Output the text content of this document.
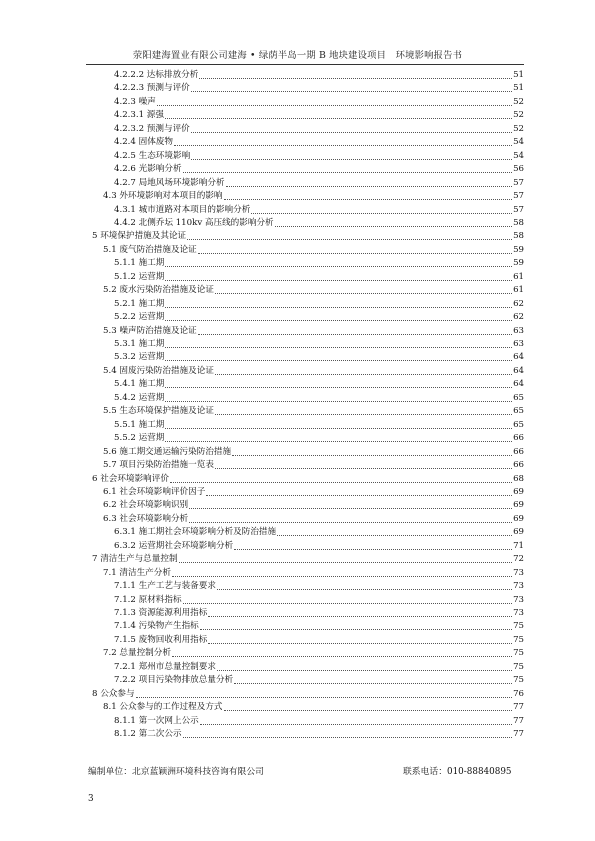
荥阳建海置业有限公司建海 • 绿荫半岛一期 B 地块建设项目　环境影响报告书
4.2.2.2 达标排放分析	51
4.2.2.3 预测与评价	51
4.2.3 噪声	52
4.2.3.1 源强	52
4.2.3.2 预测与评价	52
4.2.4 固体废物	54
4.2.5 生态环境影响	54
4.2.6 光影响分析	56
4.2.7 局地风场环境影响分析	57
4.3 外环境影响对本项目的影响	57
4.3.1 城市道路对本项目的影响分析	57
4.4.2 北侧乔坛 110kv 高压线的影响分析	58
5 环境保护措施及其论证	58
5.1 废气防治措施及论证	59
5.1.1 施工期	59
5.1.2 运营期	61
5.2 废水污染防治措施及论证	61
5.2.1 施工期	62
5.2.2 运营期	62
5.3 噪声防治措施及论证	63
5.3.1 施工期	63
5.3.2 运营期	64
5.4 固废污染防治措施及论证	64
5.4.1 施工期	64
5.4.2 运营期	65
5.5 生态环境保护措施及论证	65
5.5.1 施工期	65
5.5.2 运营期	66
5.6 施工期交通运输污染防治措施	66
5.7 项目污染防治措施一览表	66
6 社会环境影响评价	68
6.1 社会环境影响评价因子	69
6.2 社会环境影响识别	69
6.3 社会环境影响分析	69
6.3.1 施工期社会环境影响分析及防治措施	69
6.3.2 运营期社会环境影响分析	71
7 清洁生产与总量控制	72
7.1 清洁生产分析	73
7.1.1 生产工艺与装备要求	73
7.1.2 原材料指标	73
7.1.3 资源能源利用指标	73
7.1.4 污染物产生指标	75
7.1.5 废物回收利用指标	75
7.2 总量控制分析	75
7.2.1 郑州市总量控制要求	75
7.2.2 项目污染物排放总量分析	75
8 公众参与	76
8.1 公众参与的工作过程及方式	77
8.1.1 第一次网上公示	77
8.1.2 第二次公示	77
编制单位：北京蓝颖洲环境科技咨询有限公司	联系电话：010-88840895
3
